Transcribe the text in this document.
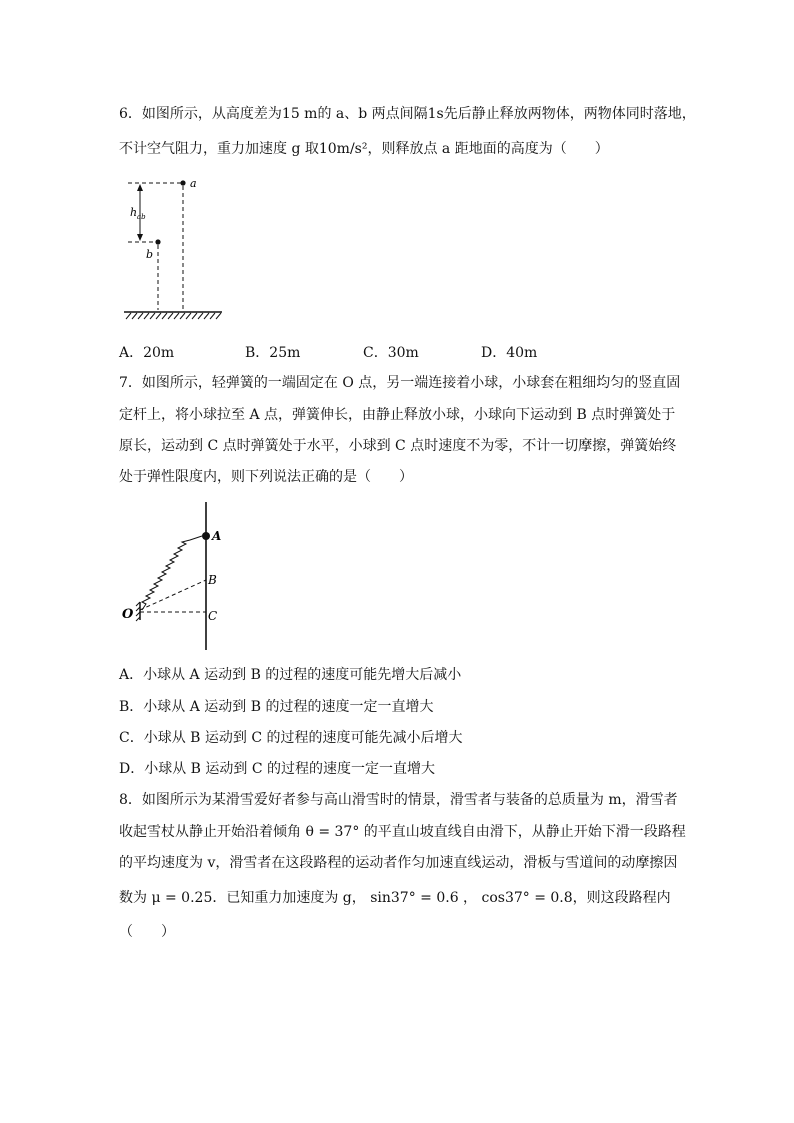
6．如图所示，从高度差为15 m的 a、b 两点间隔1s先后静止释放两物体，两物体同时落地，
不计空气阻力，重力加速度 g 取10m/s²，则释放点 a 距地面的高度为（　　）
a
b
h ab
A．20m	B．25m	C．30m	D．40m
7．如图所示，轻弹簧的一端固定在 O 点，另一端连接着小球，小球套在粗细均匀的竖直固
定杆上，将小球拉至 A 点，弹簧伸长，由静止释放小球，小球向下运动到 B 点时弹簧处于
原长，运动到 C 点时弹簧处于水平，小球到 C 点时速度不为零，不计一切摩擦，弹簧始终
处于弹性限度内，则下列说法正确的是（　　）
A
B
C
O
A．小球从 A 运动到 B 的过程的速度可能先增大后减小
B．小球从 A 运动到 B 的过程的速度一定一直增大
C．小球从 B 运动到 C 的过程的速度可能先减小后增大
D．小球从 B 运动到 C 的过程的速度一定一直增大
8．如图所示为某滑雪爱好者参与高山滑雪时的情景，滑雪者与装备的总质量为 m，滑雪者
收起雪杖从静止开始沿着倾角 θ = 37° 的平直山坡直线自由滑下，从静止开始下滑一段路程
的平均速度为 v，滑雪者在这段路程的运动者作匀加速直线运动，滑板与雪道间的动摩擦因
数为 μ = 0.25．已知重力加速度为 g， sin37° = 0.6 ， cos37° = 0.8，则这段路程内
（　　）
